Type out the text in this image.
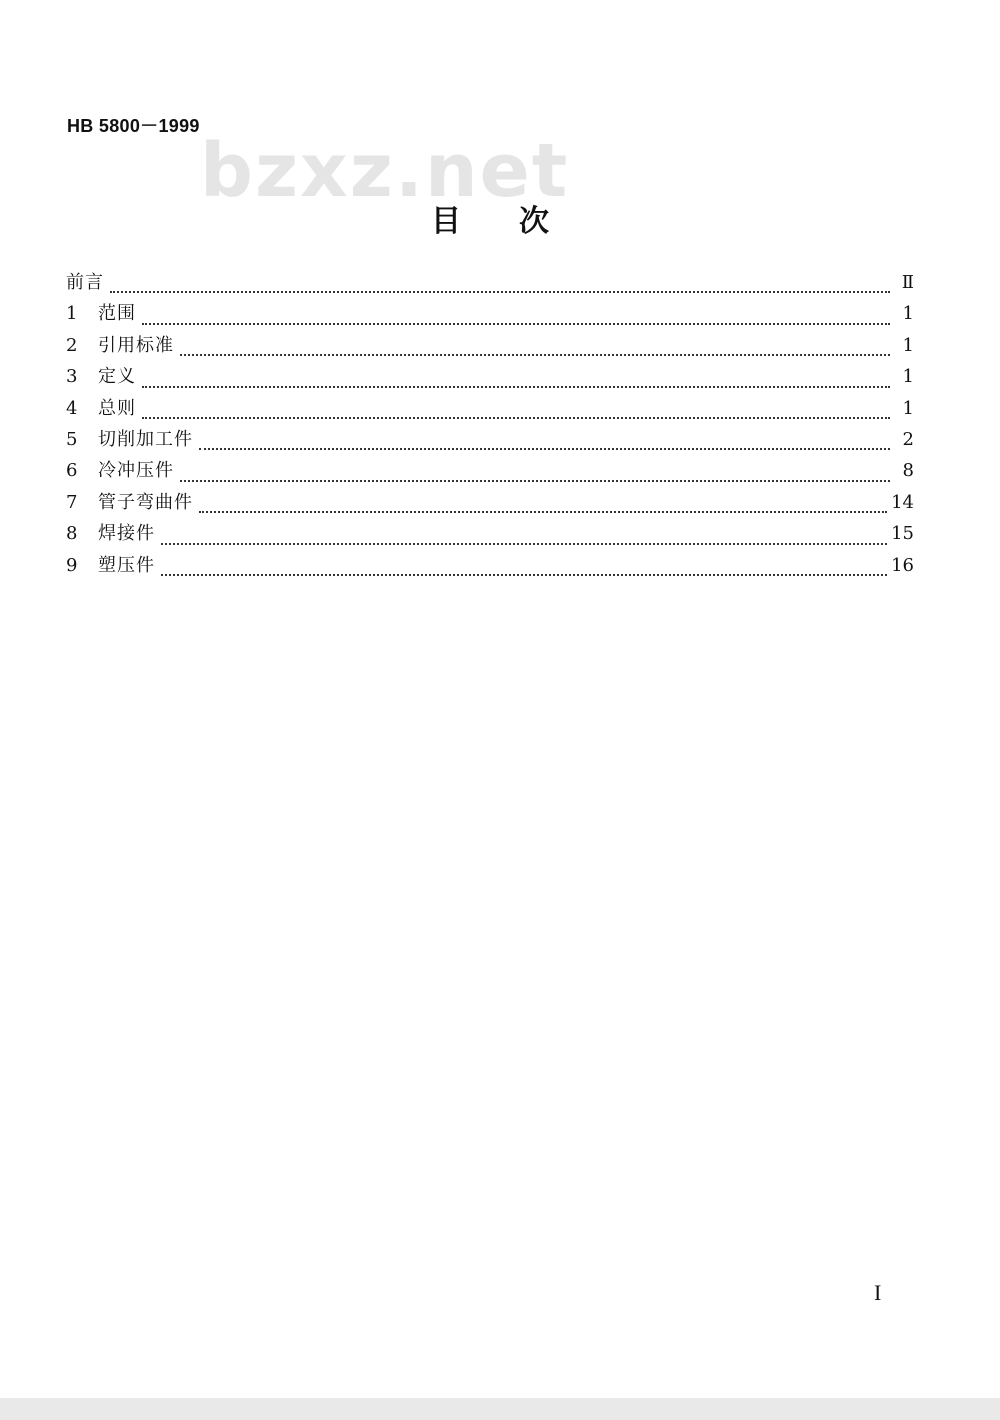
HB 5800－1999
bzxz.net
目 次
前言	Ⅱ
1	范围	1
2	引用标准	1
3	定义	1
4	总则	1
5	切削加工件	2
6	冷冲压件	8
7	管子弯曲件	14
8	焊接件	15
9	塑压件	16
I
